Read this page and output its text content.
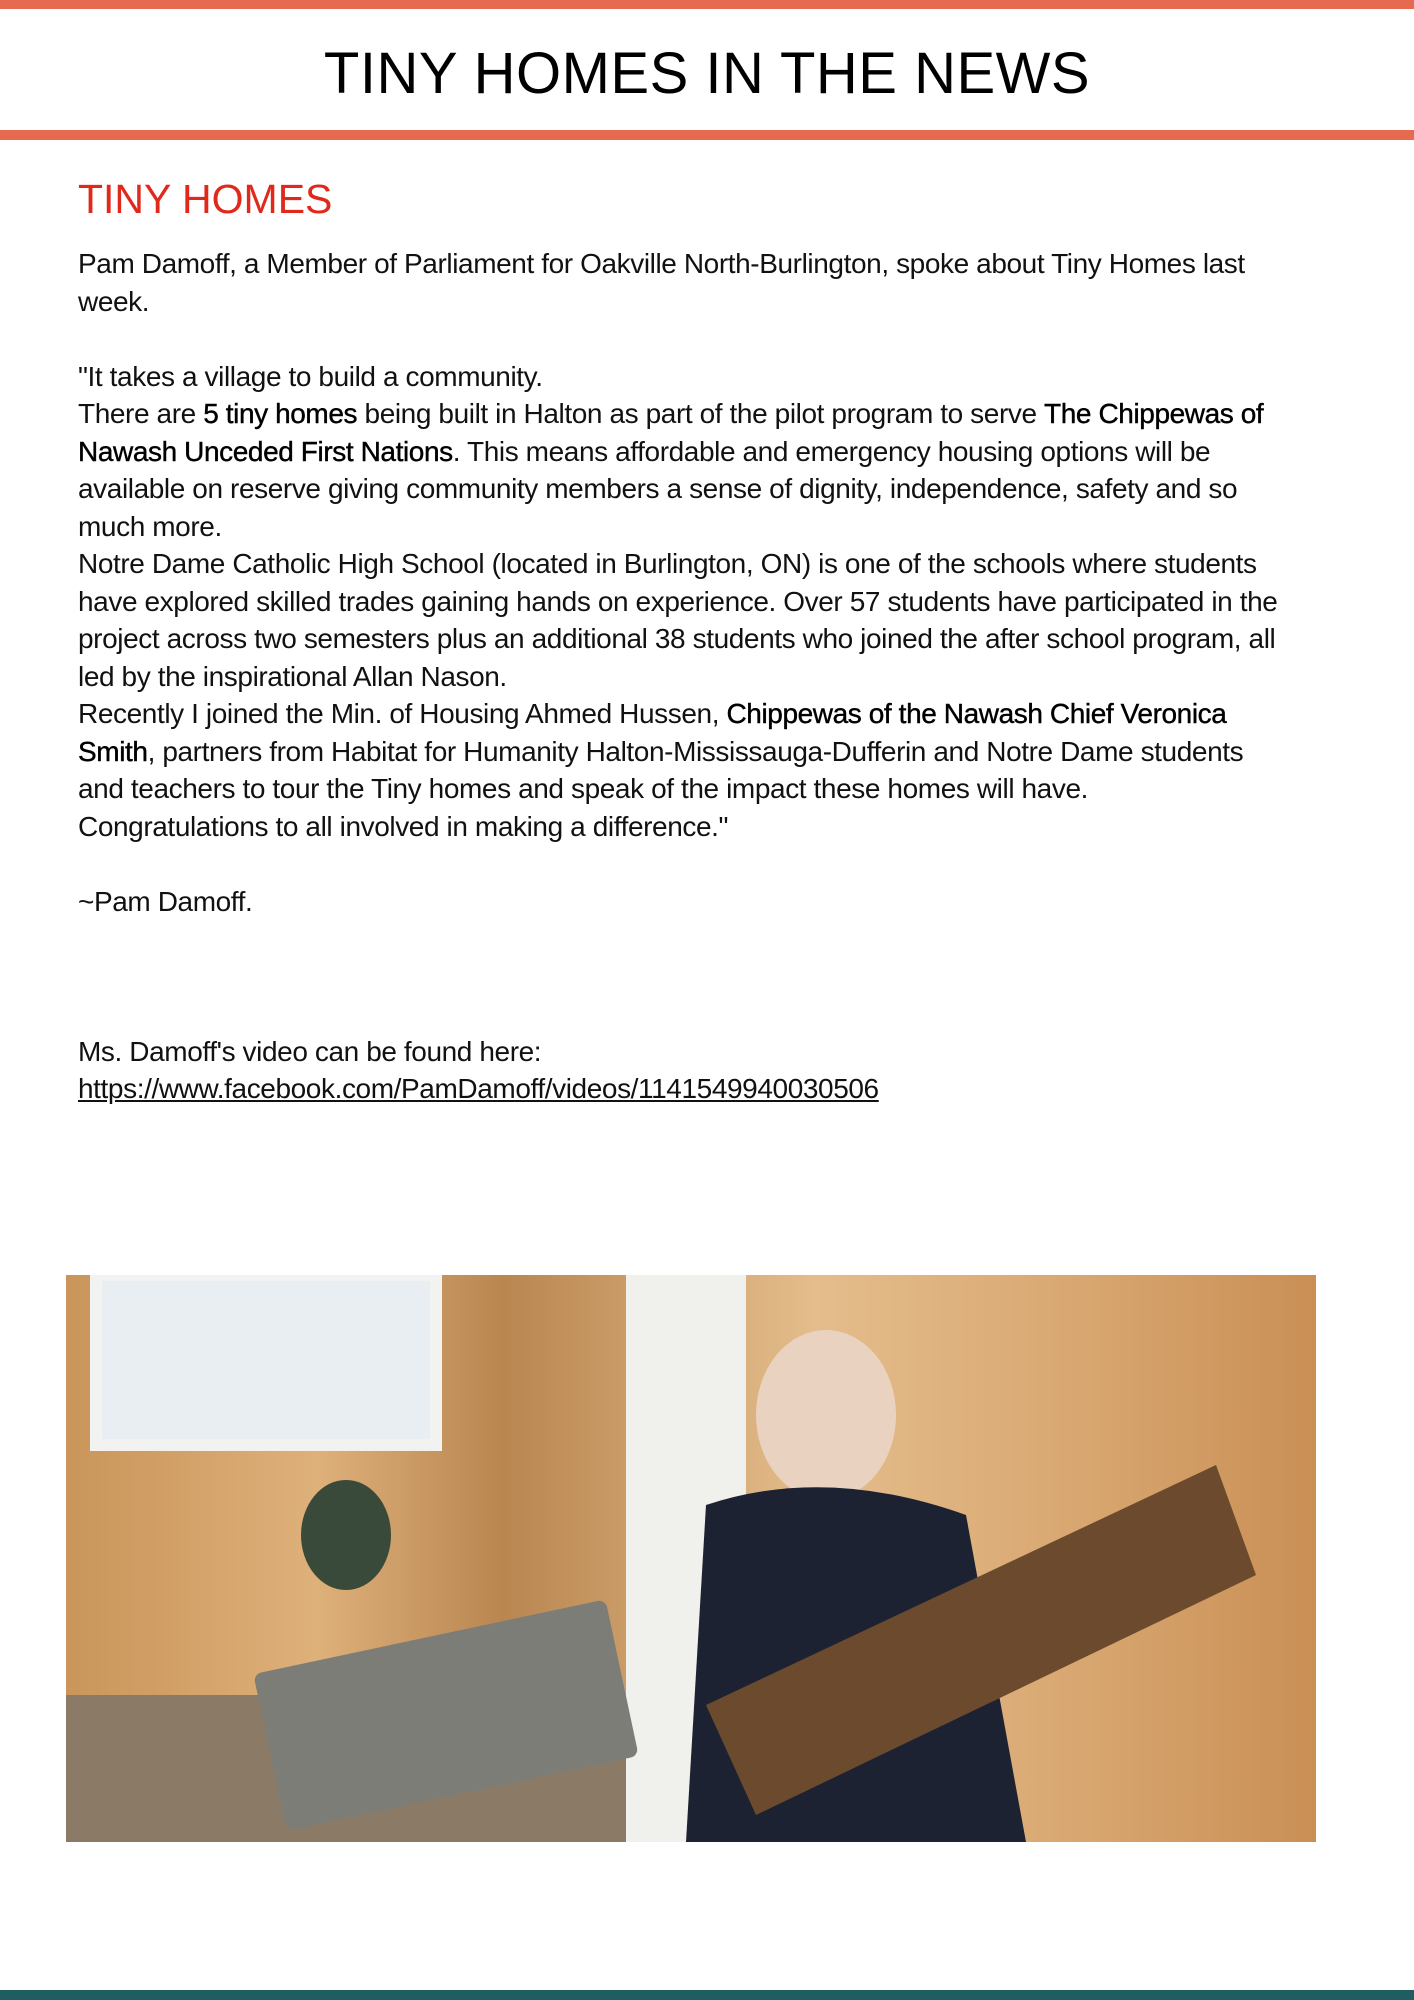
TINY HOMES IN THE NEWS
TINY HOMES

Pam Damoff, a Member of Parliament for Oakville North-Burlington, spoke about Tiny Homes last week.

"It takes a village to build a community.

There are 5 tiny homes being built in Halton as part of the pilot program to serve The Chippewas of Nawash Unceded First Nations. This means affordable and emergency housing options will be available on reserve giving community members a sense of dignity, independence, safety and so much more.

Notre Dame Catholic High School (located in Burlington, ON) is one of the schools where students have explored skilled trades gaining hands on experience. Over 57 students have participated in the project across two semesters plus an additional 38 students who joined the after school program, all led by the inspirational Allan Nason.

Recently I joined the Min. of Housing Ahmed Hussen, Chippewas of the Nawash Chief Veronica Smith, partners from Habitat for Humanity Halton-Mississauga-Dufferin and Notre Dame students and teachers to tour the Tiny homes and speak of the impact these homes will have.

Congratulations to all involved in making a difference."

~Pam Damoff.

Ms. Damoff's video can be found here:

https://www.facebook.com/PamDamoff/videos/1141549940030506
